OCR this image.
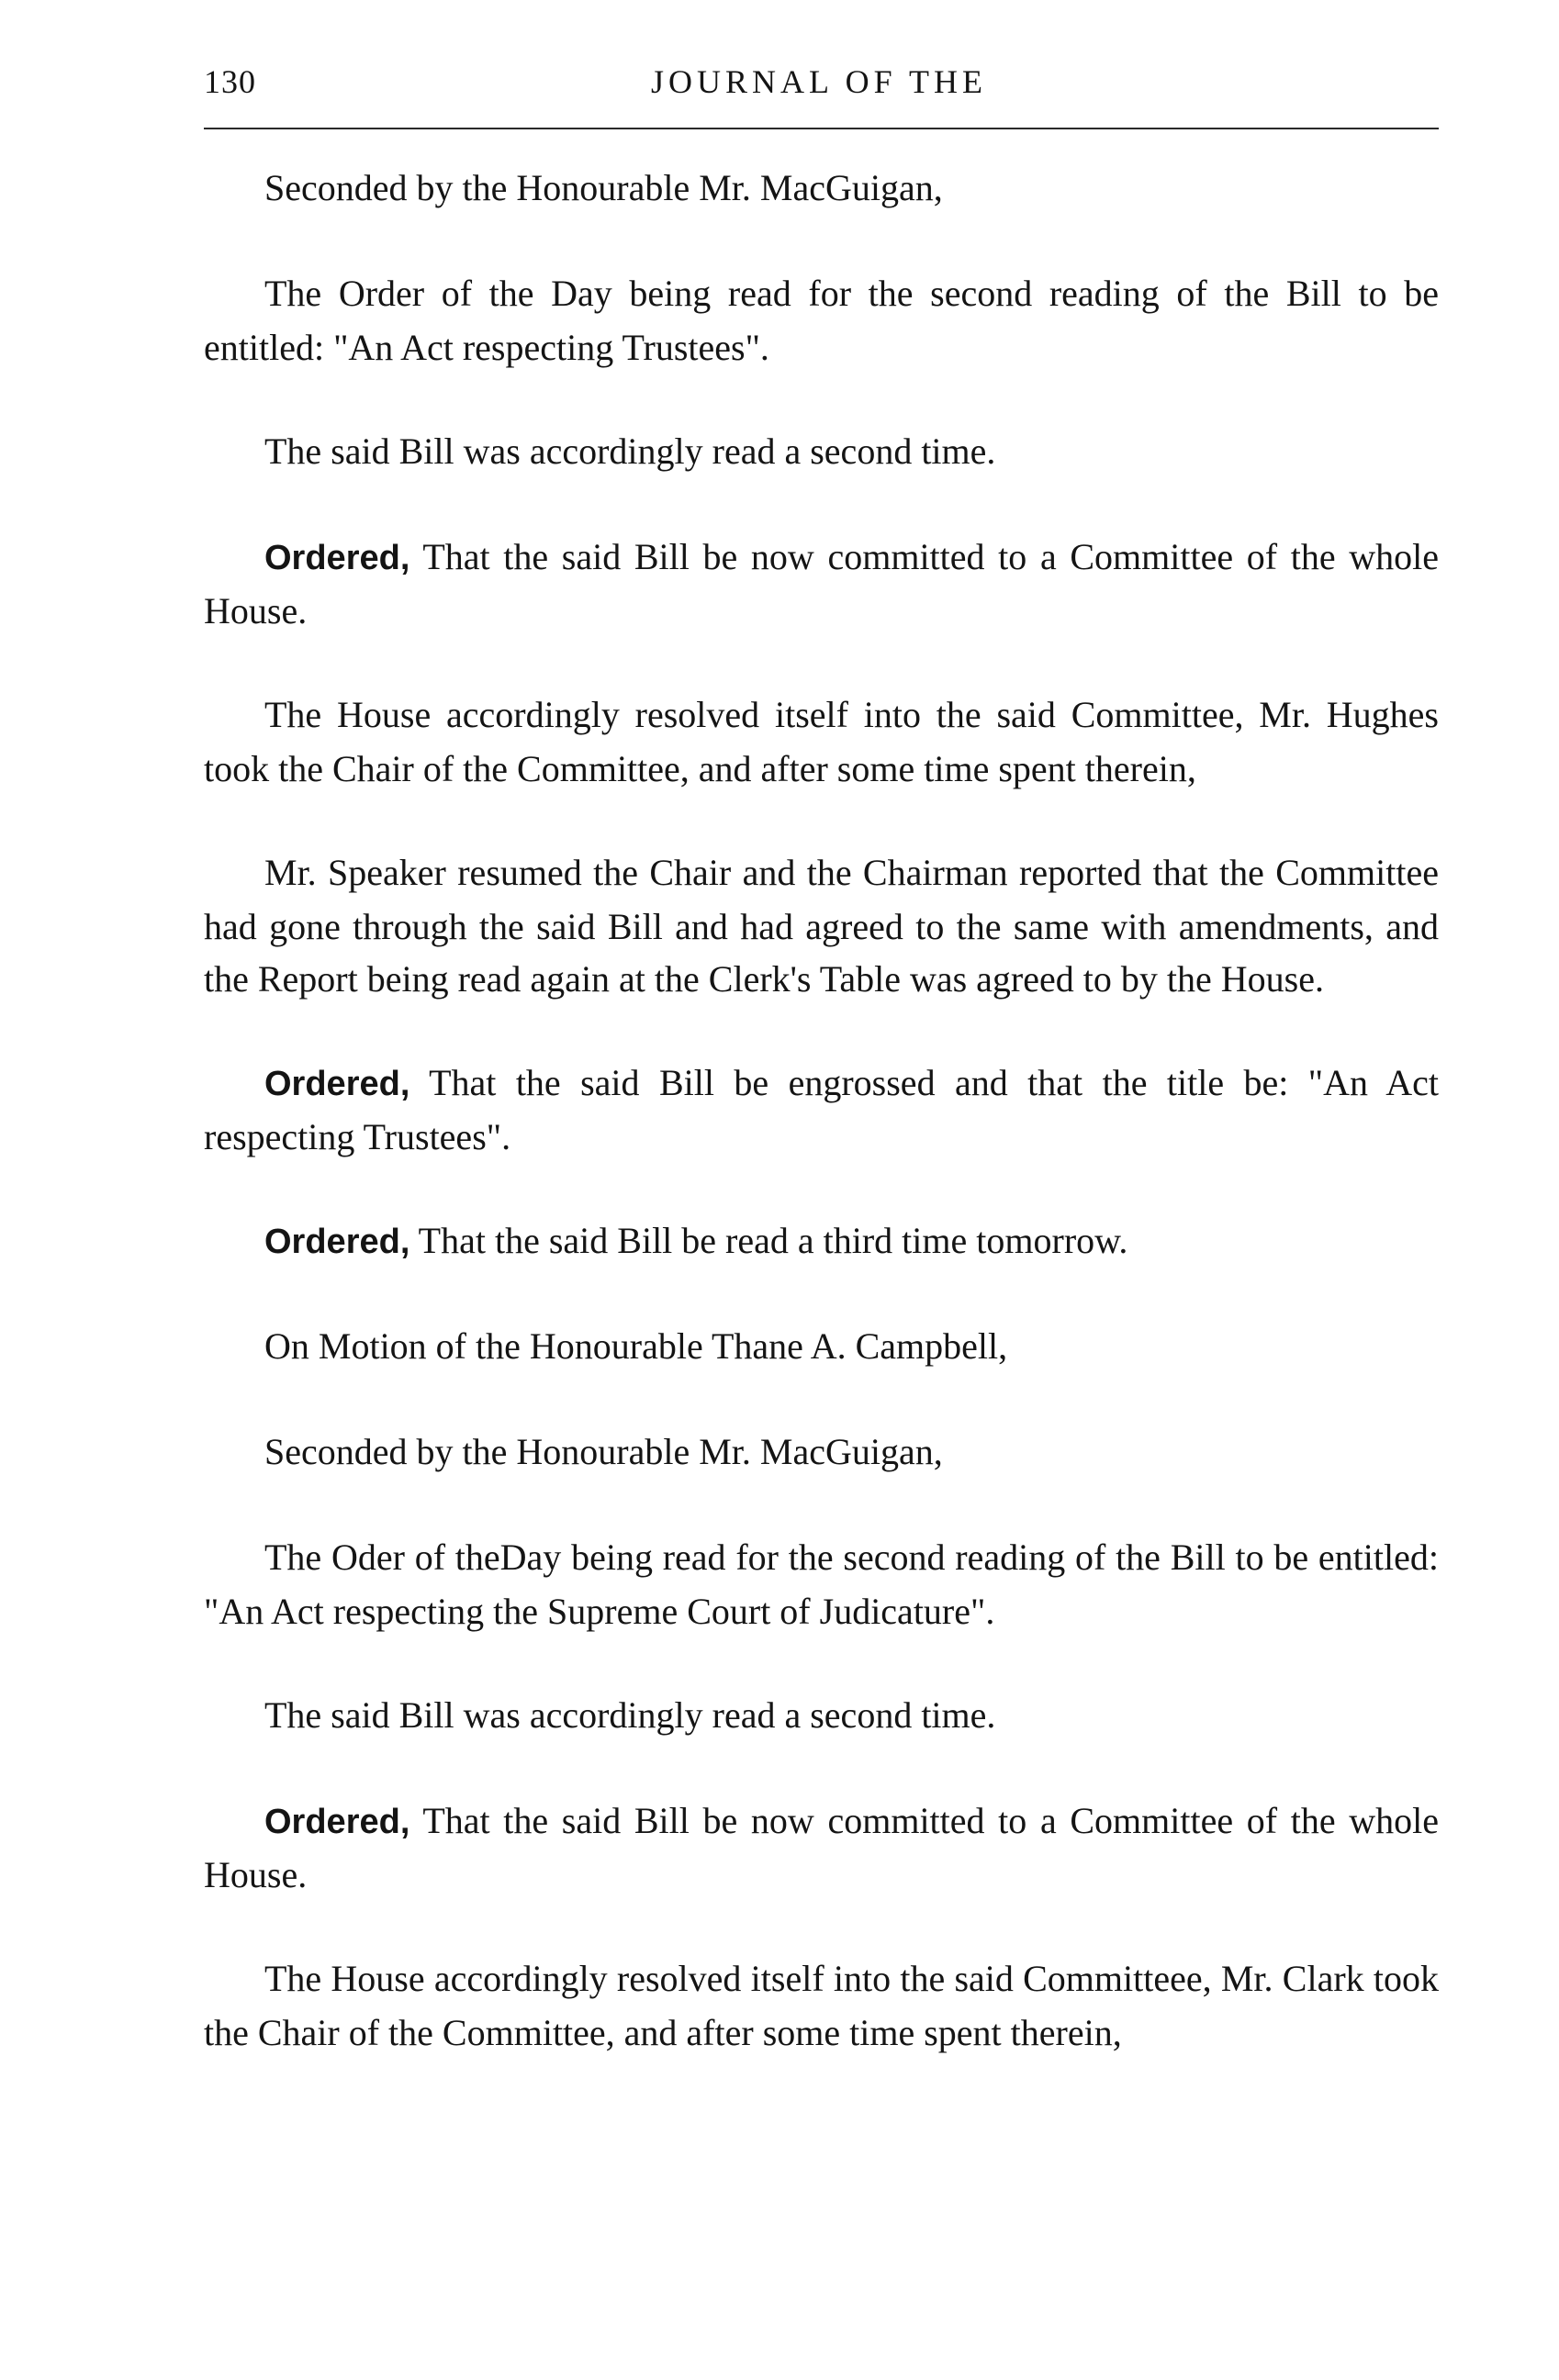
130	JOURNAL OF THE

Seconded by the Honourable Mr. MacGuigan,

The Order of the Day being read for the second reading of the Bill to be entitled: "An Act respecting Trustees".

The said Bill was accordingly read a second time.

Ordered, That the said Bill be now committed to a Committee of the whole House.

The House accordingly resolved itself into the said Committee, Mr. Hughes took the Chair of the Committee, and after some time spent therein,

Mr. Speaker resumed the Chair and the Chairman reported that the Committee had gone through the said Bill and had agreed to the same with amendments, and the Report being read again at the Clerk's Table was agreed to by the House.

Ordered, That the said Bill be engrossed and that the title be: "An Act respecting Trustees".

Ordered, That the said Bill be read a third time tomorrow.

On Motion of the Honourable Thane A. Campbell,

Seconded by the Honourable Mr. MacGuigan,

The Oder of theDay being read for the second reading of the Bill to be entitled: "An Act respecting the Supreme Court of Judicature".

The said Bill was accordingly read a second time.

Ordered, That the said Bill be now committed to a Committee of the whole House.

The House accordingly resolved itself into the said Committeee, Mr. Clark took the Chair of the Committee, and after some time spent therein,
